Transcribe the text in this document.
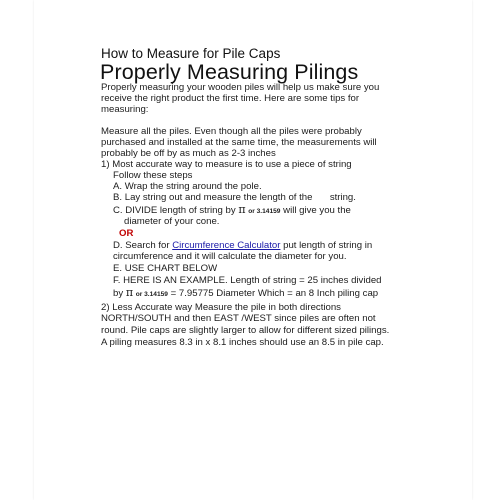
How to Measure for Pile Caps
Properly Measuring Pilings
Properly measuring your wooden piles will help us make sure you
receive the right product the first time. Here are some tips for
measuring:
Measure all the piles. Even though all the piles were probably
purchased and installed at the same time, the measurements will
probably be off by as much as 2-3 inches
1) Most accurate way to measure is to use a piece of string
Follow these steps
A. Wrap the string around the pole.
B. Lay string out and measure the length of the string.
C. DIVIDE length of string by π or 3.14159 will give you the
diameter of your cone.
OR
D. Search for Circumference Calculator put length of string in
circumference and it will calculate the diameter for you.
E. USE CHART BELOW
F. HERE IS AN EXAMPLE. Length of string = 25 inches divided
by π or 3.14159 = 7.95775 Diameter Which = an 8 Inch piling cap
2) Less Accurate way Measure the pile in both directions
NORTH/SOUTH and then EAST /WEST since piles are often not
round. Pile caps are slightly larger to allow for different sized pilings.
A piling measures 8.3 in x 8.1 inches should use an 8.5 in pile cap.
